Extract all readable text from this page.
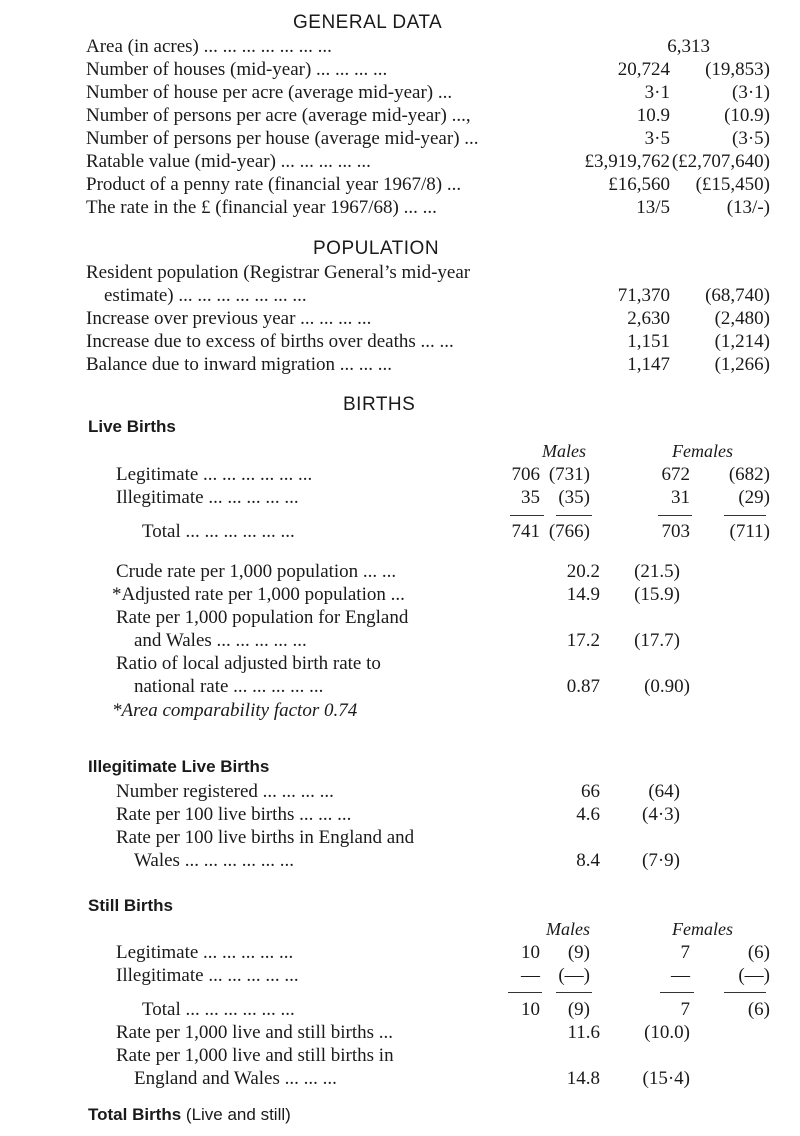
GENERAL DATA
Area (in acres) ... ... ... ... ... ... ...	6,313
Number of houses (mid-year) ... ... ... ...	20,724	(19,853)
Number of house per acre (average mid-year) ...	3·1	(3·1)
Number of persons per acre (average mid-year) ...,	10.9	(10.9)
Number of persons per house (average mid-year) ...	3·5	(3·5)
Ratable value (mid-year) ... ... ... ... ...	£3,919,762 (£2,707,640)
Product of a penny rate (financial year 1967/8) ...	£16,560	(£15,450)
The rate in the £ (financial year 1967/68) ... ...	13/5	(13/-)
POPULATION
Resident population (Registrar General’s mid-year
estimate) ... ... ... ... ... ... ...	71,370	(68,740)
Increase over previous year ... ... ... ...	2,630	(2,480)
Increase due to excess of births over deaths ... ...	1,151	(1,214)
Balance due to inward migration ... ... ...	1,147	(1,266)
BIRTHS
Live Births
Males	Females
Legitimate ... ... ... ... ... ...	706 (731)	672	(682)
Illegitimate ... ... ... ... ...	35 (35)	31	(29)
Total ... ... ... ... ... ...	741 (766)	703	(711)
Crude rate per 1,000 population ... ...	20.2	(21.5)
*Adjusted rate per 1,000 population ...	14.9	(15.9)
Rate per 1,000 population for England
and Wales ... ... ... ... ...	17.2	(17.7)
Ratio of local adjusted birth rate to
national rate ... ... ... ... ...	0.87	(0.90)
*Area comparability factor 0.74
Illegitimate Live Births
Number registered ... ... ... ...	66	(64)
Rate per 100 live births ... ... ...	4.6	(4·3)
Rate per 100 live births in England and
Wales ... ... ... ... ... ...	8.4	(7·9)
Still Births
Males	Females
Legitimate ... ... ... ... ...	10	(9)	7	(6)
Illegitimate ... ... ... ... ...	— (—)	—	(—)
Total ... ... ... ... ... ...	10	(9)	7	(6)
Rate per 1,000 live and still births ...	11.6	(10.0)
Rate per 1,000 live and still births in
England and Wales ... ... ...	14.8	(15·4)
Total Births (Live and still)
